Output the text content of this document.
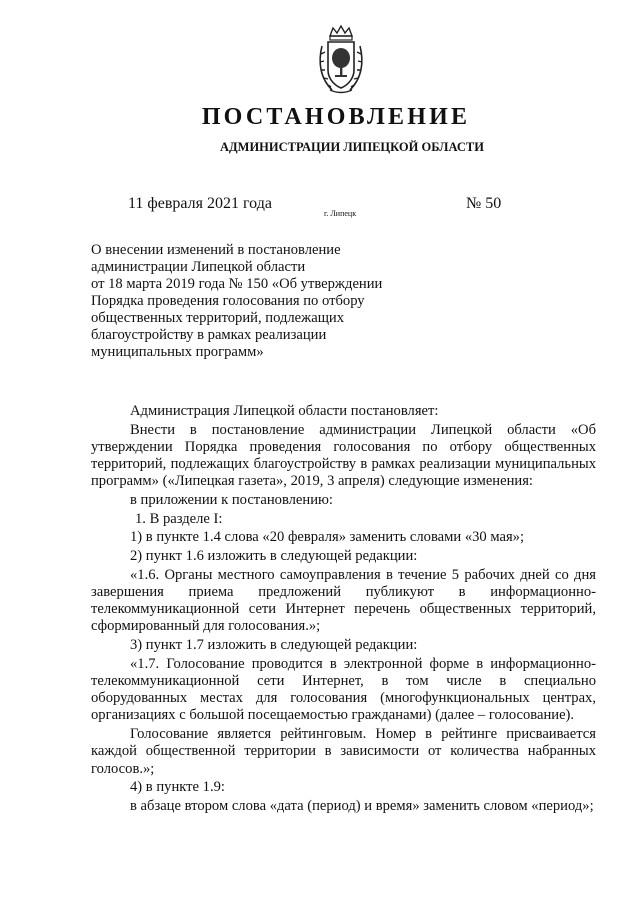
ПОСТАНОВЛЕНИЕ
АДМИНИСТРАЦИИ ЛИПЕЦКОЙ ОБЛАСТИ
11 февраля 2021 года
г. Липецк
№ 50
О внесении изменений в постановление
администрации Липецкой области
от 18 марта 2019 года № 150 «Об утверждении
Порядка проведения голосования по отбору
общественных территорий, подлежащих
благоустройству в рамках реализации
муниципальных программ»

Администрация Липецкой области постановляет:

Внести в постановление администрации Липецкой области «Об утверждении Порядка проведения голосования по отбору общественных территорий, подлежащих благоустройству в рамках реализации муниципальных программ» («Липецкая газета», 2019, 3 апреля) следующие изменения:

в приложении к постановлению:

1. В разделе I:

1) в пункте 1.4 слова «20 февраля» заменить словами «30 мая»;

2) пункт 1.6 изложить в следующей редакции:

«1.6. Органы местного самоуправления в течение 5 рабочих дней со дня завершения приема предложений публикуют в информационно-телекоммуникационной сети Интернет перечень общественных территорий, сформированный для голосования.»;

3) пункт 1.7 изложить в следующей редакции:

«1.7. Голосование проводится в электронной форме в информационно-телекоммуникационной сети Интернет, в том числе в специально оборудованных местах для голосования (многофункциональных центрах, организациях с большой посещаемостью гражданами) (далее – голосование).

Голосование является рейтинговым. Номер в рейтинге присваивается каждой общественной территории в зависимости от количества набранных голосов.»;

4) в пункте 1.9:

в абзаце втором слова «дата (период) и время» заменить словом «период»;
